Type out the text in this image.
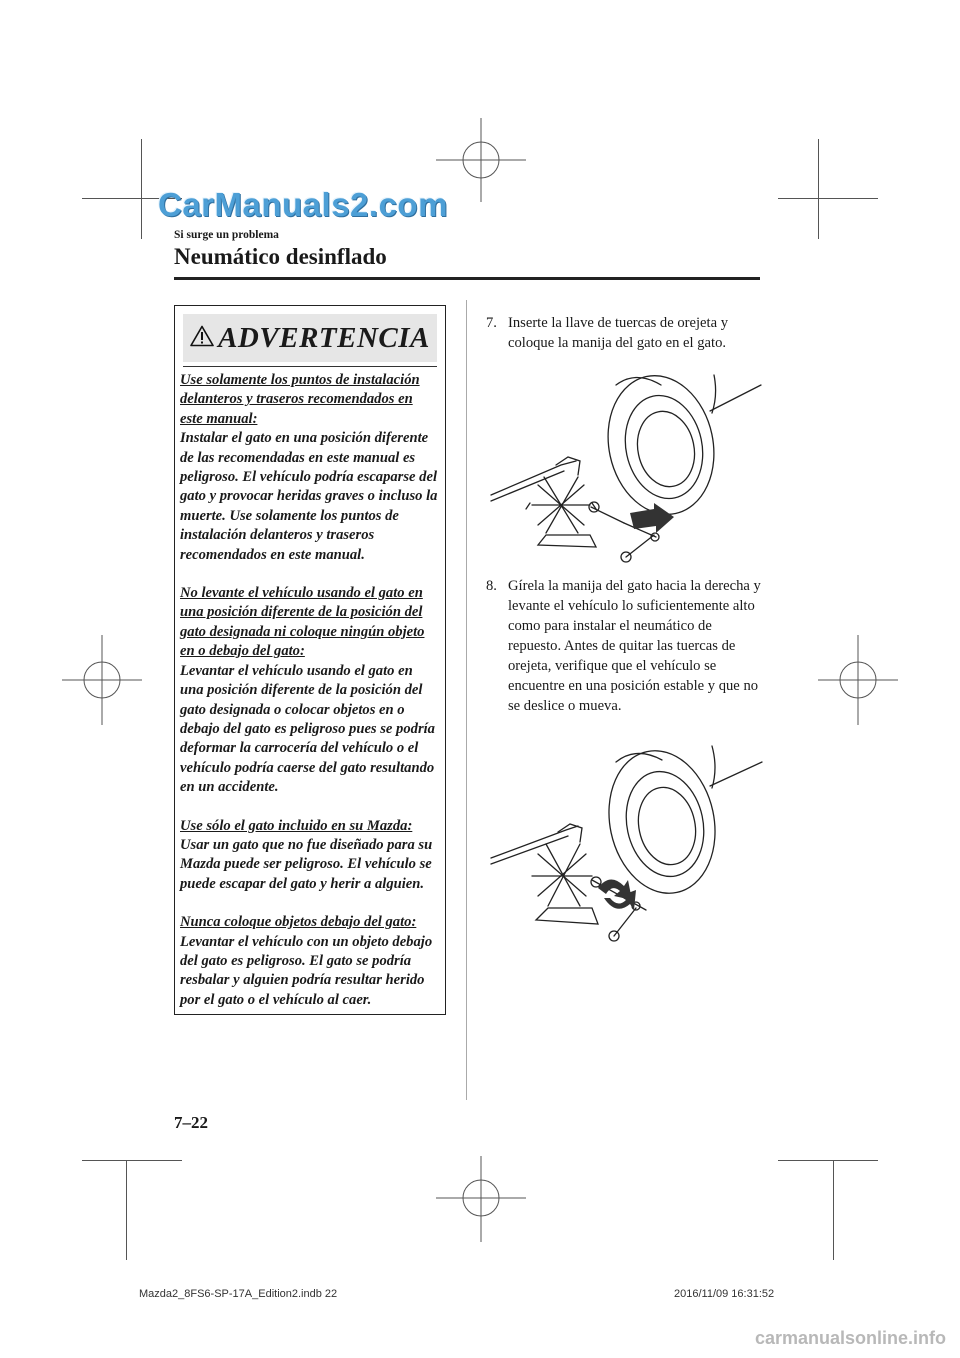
CarManuals2.com
Si surge un problema
Neumático desinflado
ADVERTENCIA

Use solamente los puntos de instalación delanteros y traseros recomendados en este manual:
Instalar el gato en una posición diferente de las recomendadas en este manual es peligroso. El vehículo podría escaparse del gato y provocar heridas graves o incluso la muerte. Use solamente los puntos de instalación delanteros y traseros recomendados en este manual.

No levante el vehículo usando el gato en una posición diferente de la posición del gato designada ni coloque ningún objeto en o debajo del gato:
Levantar el vehículo usando el gato en una posición diferente de la posición del gato designada o colocar objetos en o debajo del gato es peligroso pues se podría deformar la carrocería del vehículo o el vehículo podría caerse del gato resultando en un accidente.

Use sólo el gato incluido en su Mazda:
Usar un gato que no fue diseñado para su Mazda puede ser peligroso. El vehículo se puede escapar del gato y herir a alguien.

Nunca coloque objetos debajo del gato:
Levantar el vehículo con un objeto debajo del gato es peligroso. El gato se podría resbalar y alguien podría resultar herido por el gato o el vehículo al caer.

7. Inserte la llave de tuercas de orejeta y coloque la manija del gato en el gato.
8. Gírela la manija del gato hacia la derecha y levante el vehículo lo suficientemente alto como para instalar el neumático de repuesto. Antes de quitar las tuercas de orejeta, verifique que el vehículo se encuentre en una posición estable y que no se deslice o mueva.
7–22
Mazda2_8FS6-SP-17A_Edition2.indb 22	2016/11/09 16:31:52
carmanualsonline.info
